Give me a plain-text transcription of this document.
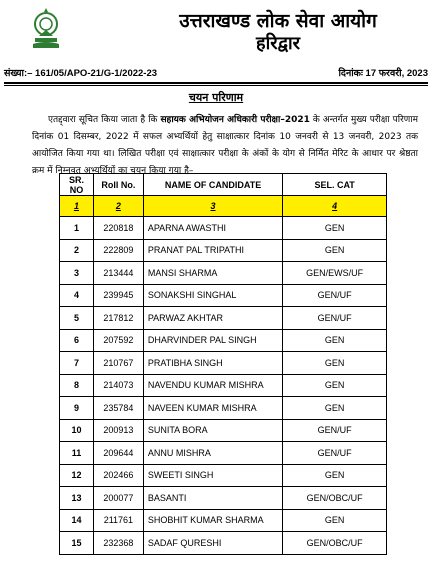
उत्तराखण्ड लोक सेवा आयोग
हरिद्वार
संख्या:– 161/05/APO-21/G-1/2022-23	दिनांकः 17 फरवरी, 2023
चयन परिणाम

एतद्द्वारा सूचित किया जाता है कि सहायक अभियोजन अधिकारी परीक्षा–2021 के अन्तर्गत मुख्य परीक्षा परिणाम दिनांक 01 दिसम्बर, 2022 में सफल अभ्यर्थियों हेतु साक्षात्कार दिनांक 10 जनवरी से 13 जनवरी, 2023 तक आयोजित किया गया था। लिखित परीक्षा एवं साक्षात्कार परीक्षा के अंकों के योग से निर्मित मेरिट के आधार पर श्रेष्ठता क्रम में निम्नवत अभ्यर्थियों का चयन किया गया है–

SR. NO	Roll No.	NAME OF CANDIDATE	SEL. CAT
1	2	3	4
1	220818	APARNA AWASTHI	GEN
2	222809	PRANAT PAL TRIPATHI	GEN
3	213444	MANSI SHARMA	GEN/EWS/UF
4	239945	SONAKSHI SINGHAL	GEN/UF
5	217812	PARWAZ AKHTAR	GEN/UF
6	207592	DHARVINDER PAL SINGH	GEN
7	210767	PRATIBHA SINGH	GEN
8	214073	NAVENDU KUMAR MISHRA	GEN
9	235784	NAVEEN KUMAR MISHRA	GEN
10	200913	SUNITA BORA	GEN/UF
11	209644	ANNU MISHRA	GEN/UF
12	202466	SWEETI SINGH	GEN
13	200077	BASANTI	GEN/OBC/UF
14	211761	SHOBHIT KUMAR SHARMA	GEN
15	232368	SADAF QURESHI	GEN/OBC/UF
